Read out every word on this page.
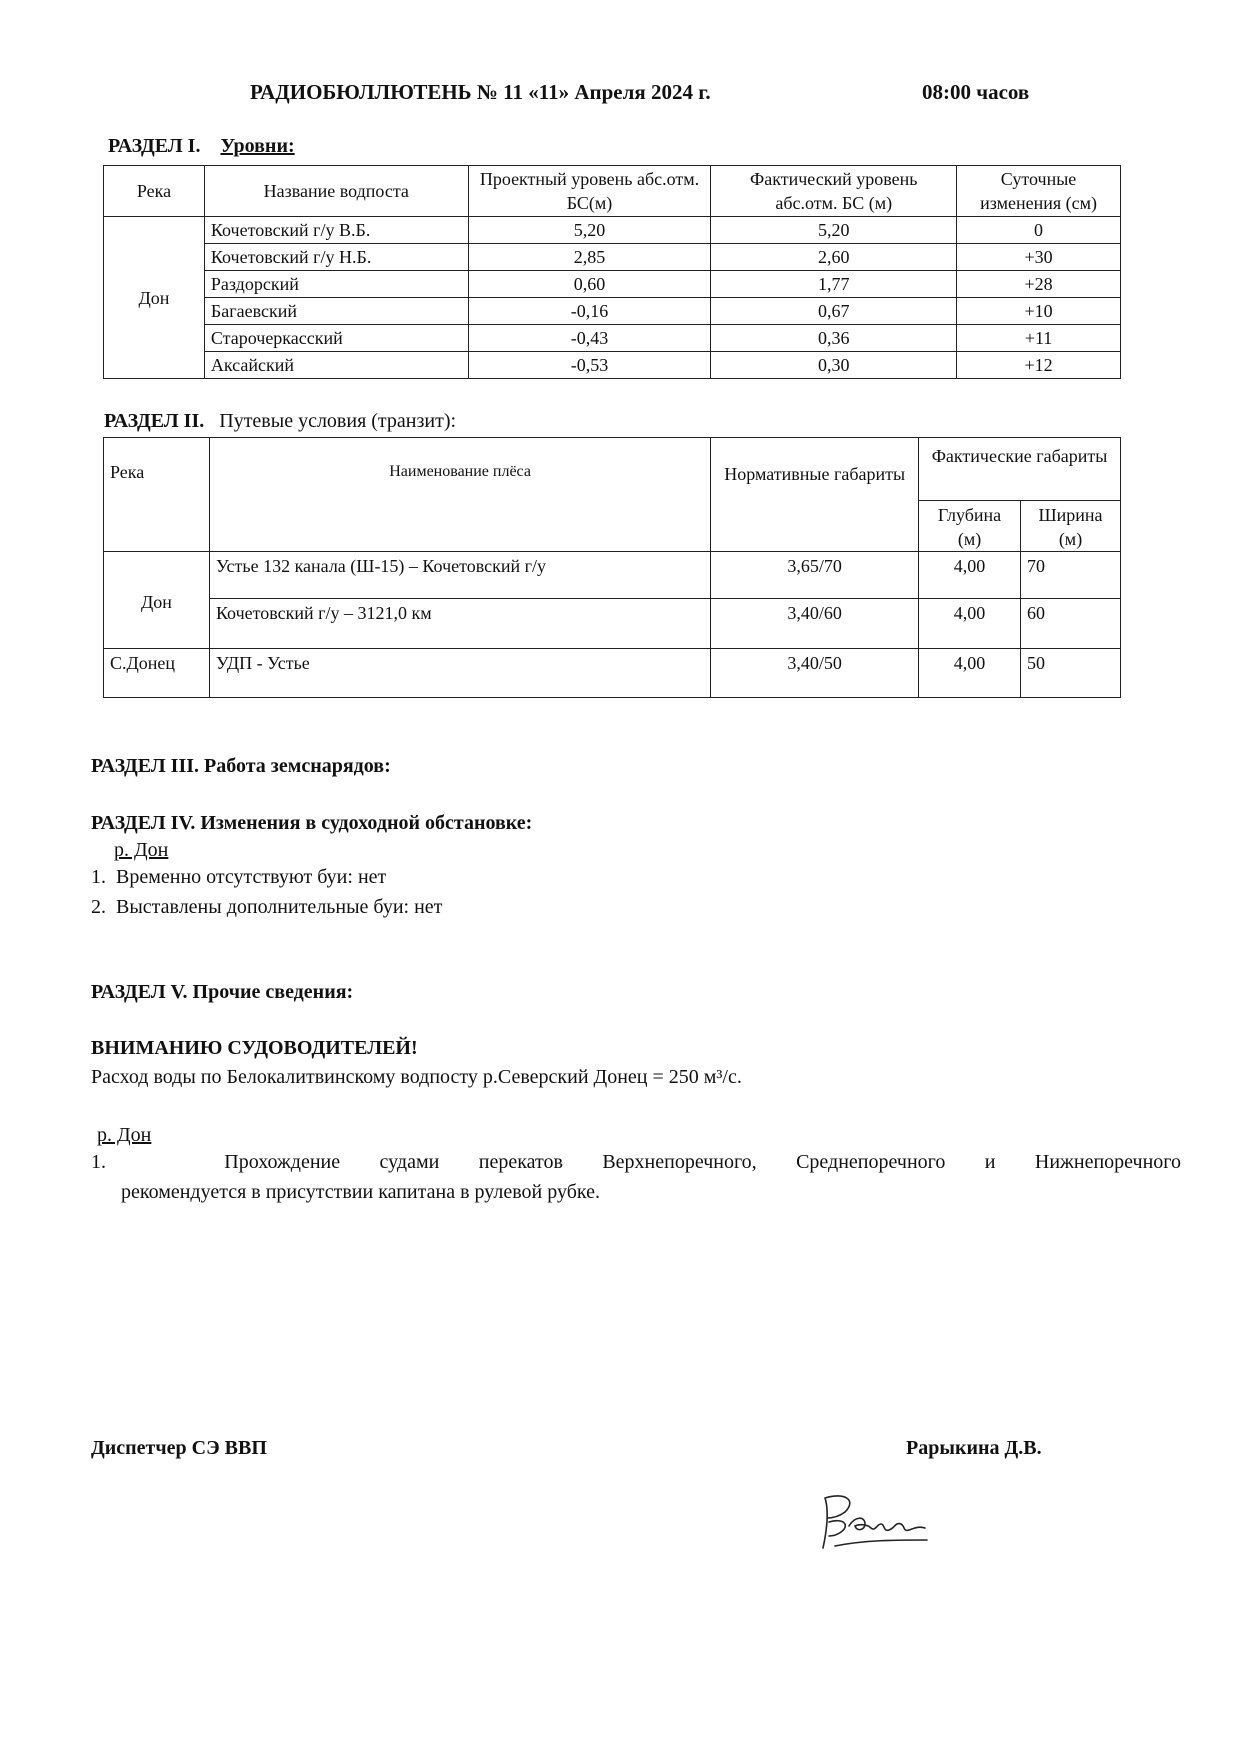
РАДИОБЮЛЛЮТЕНЬ № 11 «11» Апреля 2024 г.	08:00 часов
РАЗДЕЛ I. Уровни:
Река	Название водпоста	Проектный уровень абс.отм. БС(м)	Фактический уровень абс.отм. БС (м)	Суточные изменения (см)
Дон	Кочетовский г/у В.Б.	5,20	5,20	0
	Кочетовский г/у Н.Б.	2,85	2,60	+30
	Раздорский	0,60	1,77	+28
	Багаевский	-0,16	0,67	+10
	Старочеркасский	-0,43	0,36	+11
	Аксайский	-0,53	0,30	+12
РАЗДЕЛ II. Путевые условия (транзит):
Река	Наименование плёса	Нормативные габариты	Фактические габариты	
			Глубина (м)	Ширина (м)
Дон	Устье 132 канала (Ш-15) – Кочетовский г/у	3,65/70	4,00	70
	Кочетовский г/у – 3121,0 км	3,40/60	4,00	60
С.Донец	УДП - Устье	3,40/50	4,00	50
РАЗДЕЛ III. Работа земснарядов:
РАЗДЕЛ IV. Изменения в судоходной обстановке:
р. Дон
1.  Временно отсутствуют буи: нет
2.  Выставлены дополнительные буи: нет
РАЗДЕЛ V. Прочие сведения:
ВНИМАНИЮ СУДОВОДИТЕЛЕЙ!
Расход воды по Белокалитвинскому водпосту р.Северский Донец = 250 м³/с.
р. Дон
1.   Прохождение судами перекатов Верхнепоречного, Среднепоречного и Нижнепоречного
рекомендуется в присутствии капитана в рулевой рубке.
Диспетчер СЭ ВВП	Рарыкина Д.В.
